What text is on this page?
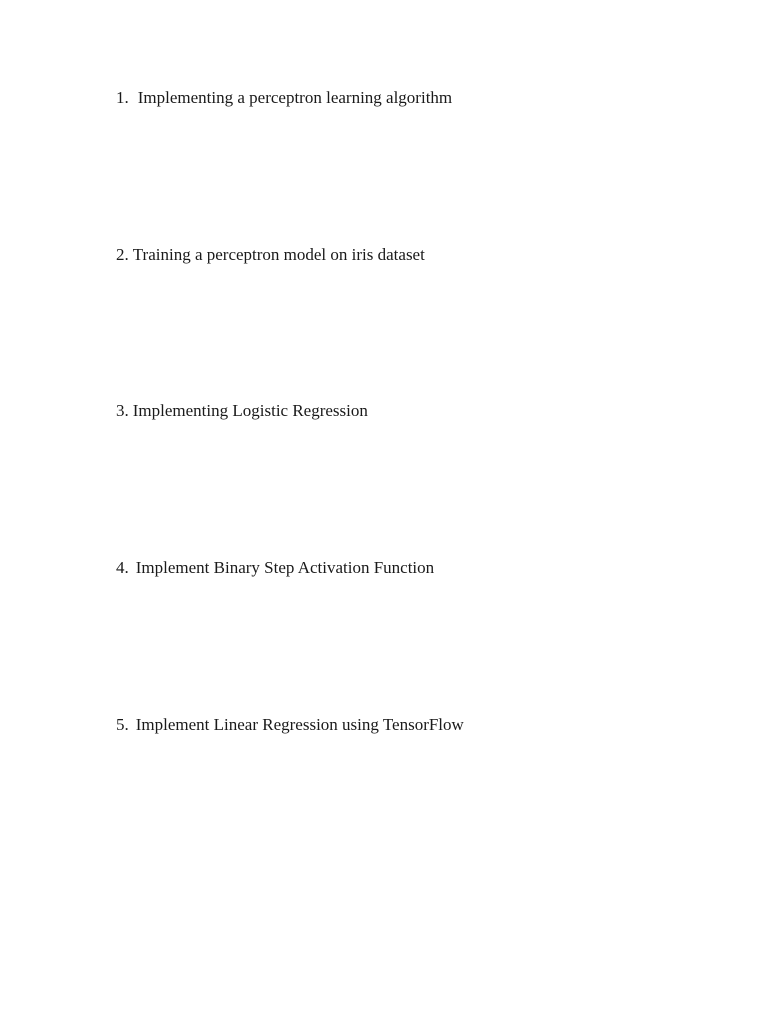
1. Implementing a perceptron learning algorithm
2. Training a perceptron model on iris dataset
3. Implementing Logistic Regression
4. Implement Binary Step Activation Function
5. Implement Linear Regression using TensorFlow
